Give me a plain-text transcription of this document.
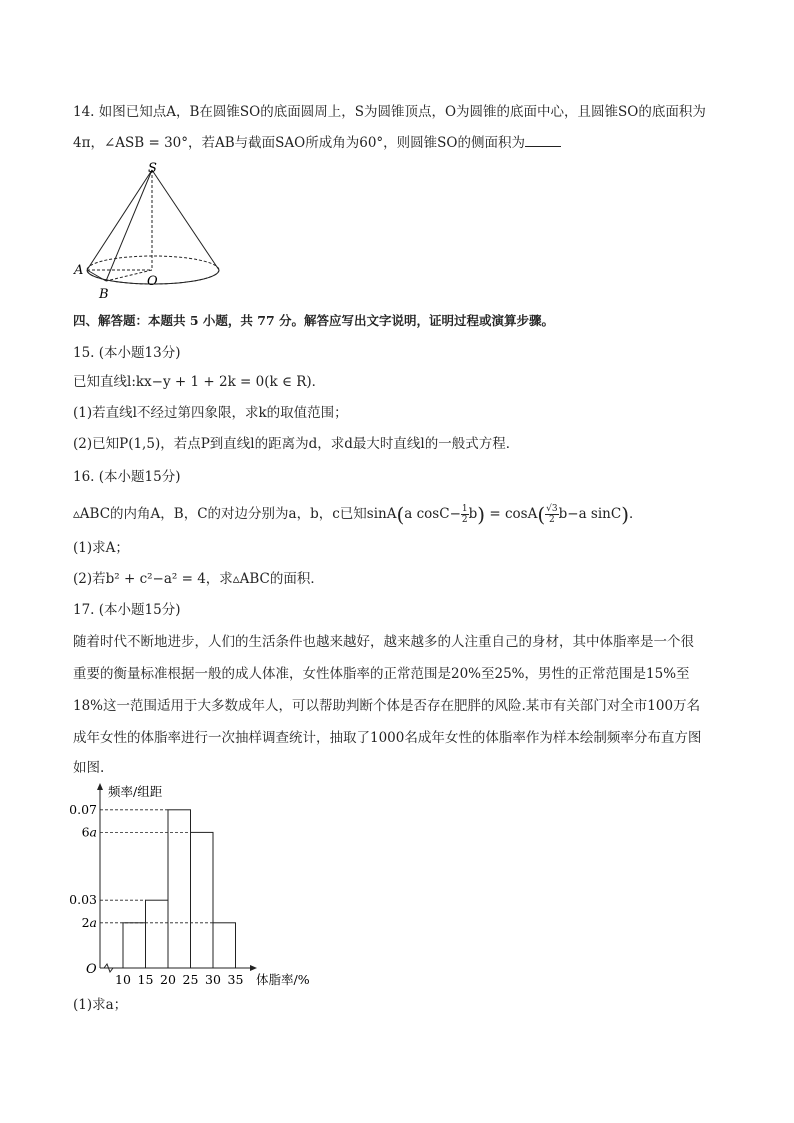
14. 如图已知点A，B在圆锥SO的底面圆周上，S为圆锥顶点，O为圆锥的底面中心，且圆锥SO的底面积为
4π，∠ASB = 30°，若AB与截面SAO所成角为60°，则圆锥SO的侧面积为
S
A
B
O
四、解答题：本题共 5 小题，共 77 分。解答应写出文字说明，证明过程或演算步骤。
15. (本小题13分)
已知直线l:kx−y + 1 + 2k = 0(k ∈ R)．
(1)若直线l不经过第四象限，求k的取值范围；
(2)已知P(1,5)，若点P到直线l的距离为d，求d最大时直线l的一般式方程．
16. (本小题15分)
▵ABC的内角A，B，C的对边分别为a，b，c已知sinA(a $\cos C- \frac{1}{2} b) = \cos A( \frac{√3}{2} b-a$ sinC)．
(1)求A；
(2)若b² + c²−a² = 4，求▵ABC的面积．
17. (本小题15分)
随着时代不断地进步，人们的生活条件也越来越好，越来越多的人注重自己的身材，其中体脂率是一个很
重要的衡量标准根据一般的成人体准，女性体脂率的正常范围是20%至25%，男性的正常范围是15%至
18%这一范围适用于大多数成年人，可以帮助判断个体是否存在肥胖的风险.某市有关部门对全市100万名
成年女性的体脂率进行一次抽样调查统计，抽取了1000名成年女性的体脂率作为样本绘制频率分布直方图
如图.
O
频率/组距
体脂率/%
0.07
6a
0.03
2a
10 15 20 25 30 35
(1)求a；
